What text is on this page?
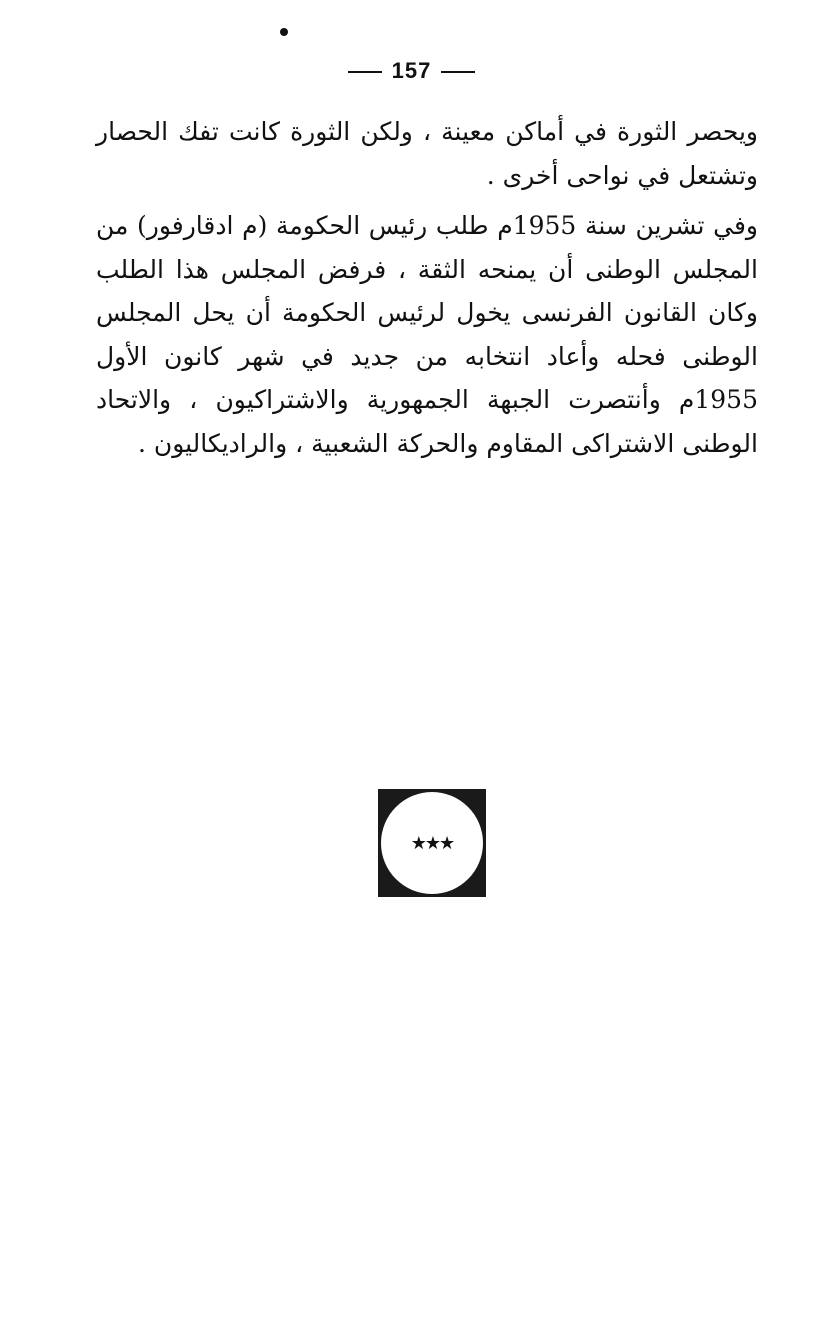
157

ويحصر الثورة في أماكن معينة ، ولكن الثورة كانت تفك الحصار وتشتعل في نواحى أخرى .

وفي تشرين سنة 1955م طلب رئيس الحكومة (م ادقارفور) من المجلس الوطنى أن يمنحه الثقة ، فرفض المجلس هذا الطلب وكان القانون الفرنسى يخول لرئيس الحكومة أن يحل المجلس الوطنى فحله وأعاد انتخابه من جديد في شهر كانون الأول 1955م وأنتصرت الجبهة الجمهورية والاشتراكيون ، والاتحاد الوطنى الاشتراكى المقاوم والحركة الشعبية ، والراديكاليون .

★★★
